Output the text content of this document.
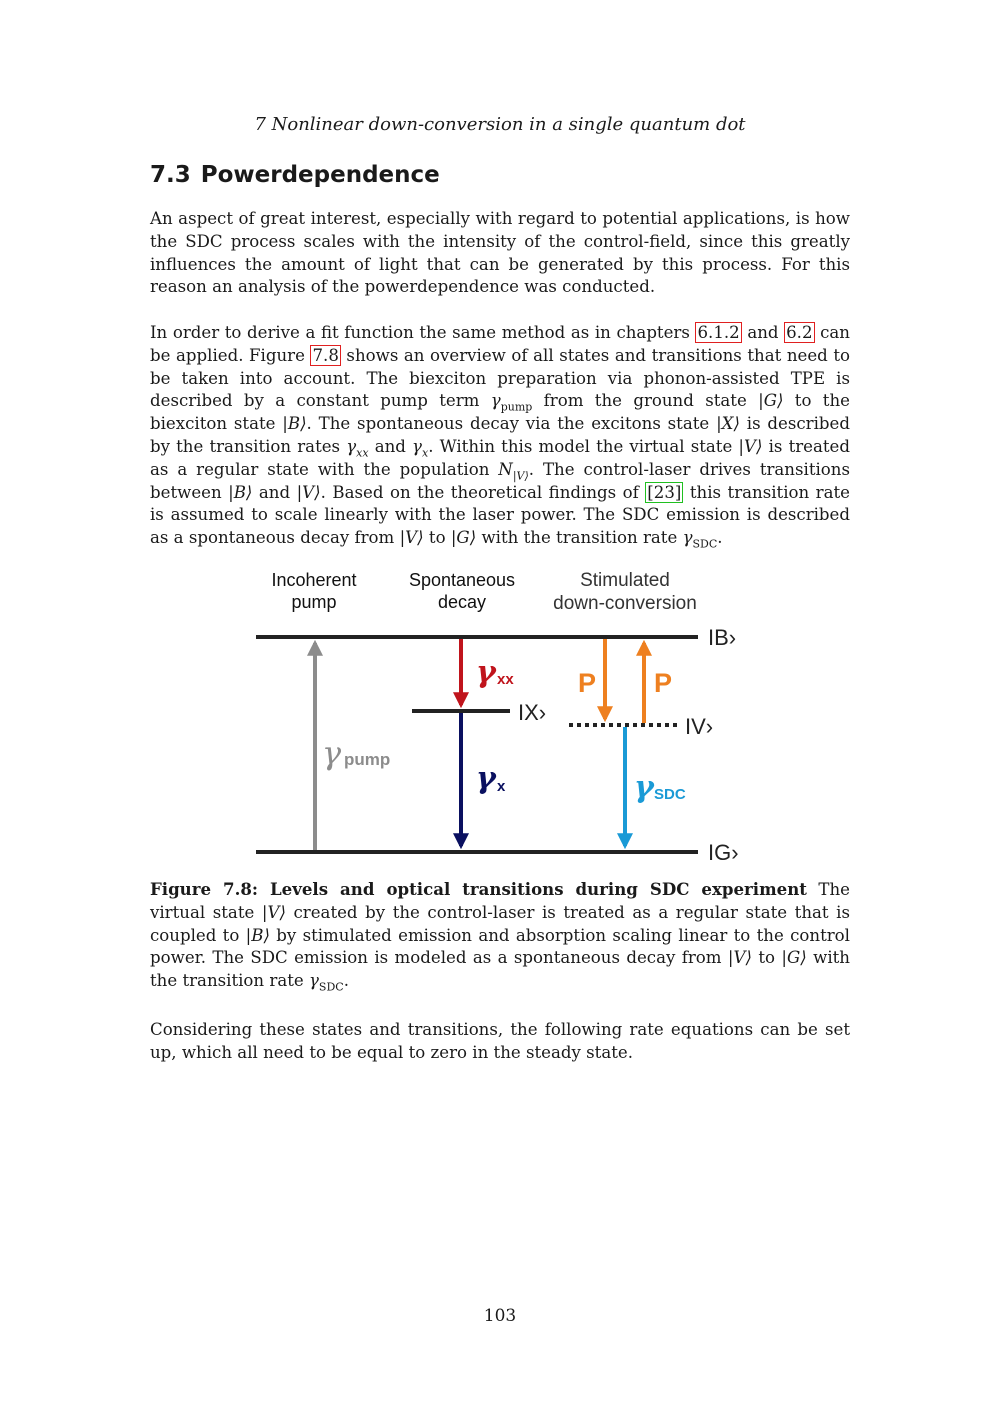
7 Nonlinear down-conversion in a single quantum dot
7.3 Powerdependence

An aspect of great interest, especially with regard to potential applications, is how the SDC process scales with the intensity of the control-field, since this greatly influences the amount of light that can be generated by this process. For this reason an analysis of the powerdependence was conducted.

In order to derive a fit function the same method as in chapters 6.1.2 and 6.2 can be applied. Figure 7.8 shows an overview of all states and transitions that need to be taken into account. The biexciton preparation via phonon-assisted TPE is described by a constant pump term $\gamma_{pump}$ from the ground state |G⟩ to the biexciton state |B⟩. The spontaneous decay via the excitons state |X⟩ is described by the transition rates $\gamma_{xx}$ and $\gamma_x$. Within this model the virtual state |V⟩ is treated as a regular state with the population $N_{|V⟩}$. The control-laser drives transitions between |B⟩ and |V⟩. Based on the theoretical findings of [23] this transition rate is assumed to scale linearly with the laser power. The SDC emission is described as a spontaneous decay from |V⟩ to |G⟩ with the transition rate $\gamma_{SDC}$.

Incoherent
pump
Spontaneous
decay
Stimulated
down-conversion
IB›
IX›
IV›
IG›
γ pump
γ xx
γ x
P P
γ SDC

Figure 7.8: Levels and optical transitions during SDC experiment The virtual state |V⟩ created by the control-laser is treated as a regular state that is coupled to |B⟩ by stimulated emission and absorption scaling linear to the control power. The SDC emission is modeled as a spontaneous decay from |V⟩ to |G⟩ with the transition rate $\gamma_{SDC}$.

Considering these states and transitions, the following rate equations can be set up, which all need to be equal to zero in the steady state.

103
